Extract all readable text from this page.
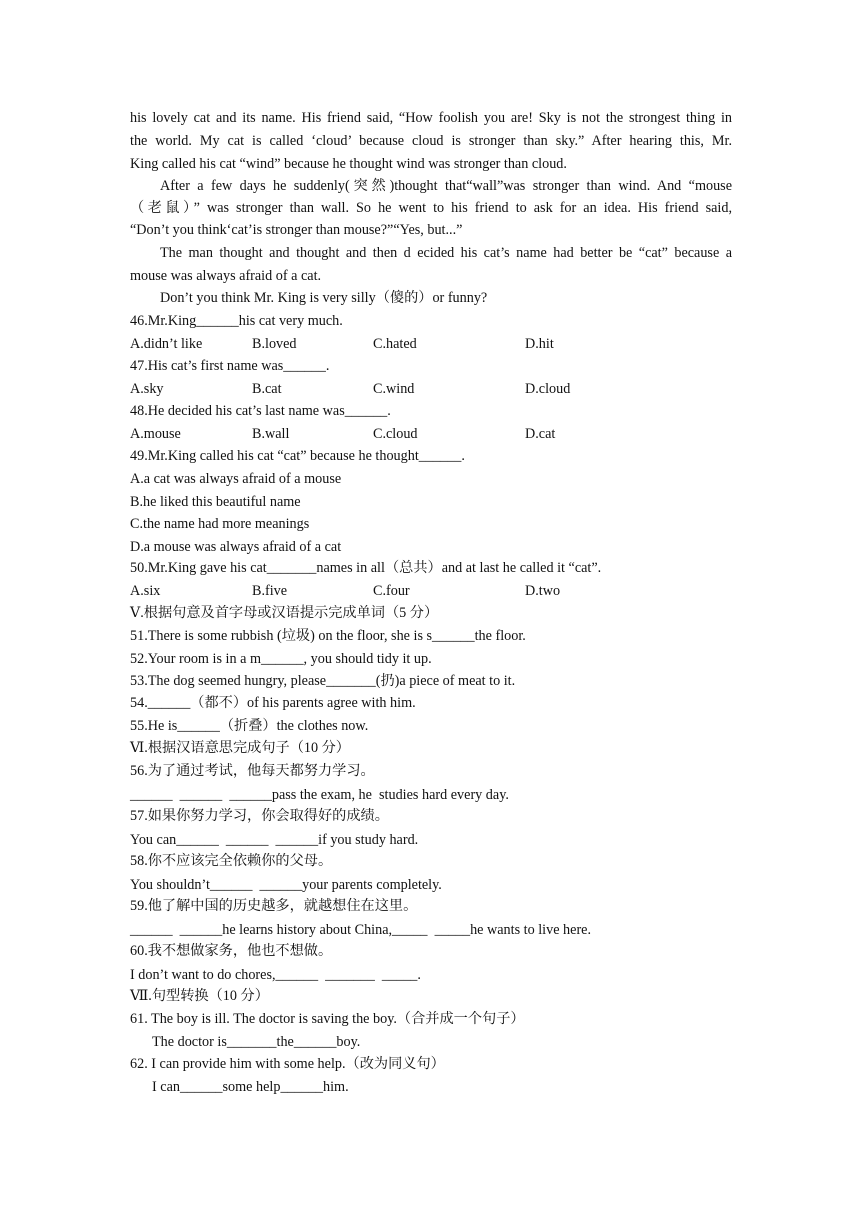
his lovely cat and its name. His friend said, “How foolish you are! Sky is not the strongest thing in
the world. My cat is called ‘cloud’ because cloud is stronger than sky.” After hearing this, Mr.
King called his cat “wind” because he thought wind was stronger than cloud.
After a few days he suddenly(突然)thought that“wall”was stronger than wind. And “mouse
（老鼠）” was stronger than wall. So he went to his friend to ask for an idea. His friend said,
“Don’t you think‘cat’is stronger than mouse?”“Yes, but...”
The man thought and thought and then d ecided his cat’s name had better be “cat” because a
mouse was always afraid of a cat.
Don’t you think Mr. King is very silly（傻的）or funny?
46.Mr.King______his cat very much.
A.didn’t like	B.loved	C.hated	D.hit
47.His cat’s first name was______.
A.sky	B.cat	C.wind	D.cloud
48.He decided his cat’s last name was______.
A.mouse	B.wall	C.cloud	D.cat
49.Mr.King called his cat “cat” because he thought______.
A.a cat was always afraid of a mouse
B.he liked this beautiful name
C.the name had more meanings
D.a mouse was always afraid of a cat
50.Mr.King gave his cat_______names in all（总共）and at last he called it “cat”.
A.six	B.five	C.four	D.two
Ⅴ.根据句意及首字母或汉语提示完成单词（5 分）
51.There is some rubbish (垃圾) on the floor, she is s______the floor.
52.Your room is in a m______, you should tidy it up.
53.The dog seemed hungry, please_______(扔)a piece of meat to it.
54.______（都不）of his parents agree with him.
55.He is______（折叠）the clothes now.
Ⅵ.根据汉语意思完成句子（10 分）
56.为了通过考试，他每天都努力学习。
______  ______  ______pass the exam, he  studies hard every day.
57.如果你努力学习，你会取得好的成绩。
You can______  ______  ______if you study hard.
58.你不应该完全依赖你的父母。
You shouldn’t______  ______your parents completely.
59.他了解中国的历史越多，就越想住在这里。
______  ______he learns history about China,_____  _____he wants to live here.
60.我不想做家务，他也不想做。
I don’t want to do chores,______  _______  _____.
Ⅶ.句型转换（10 分）
61. The boy is ill. The doctor is saving the boy.（合并成一个句子）
The doctor is_______the______boy.
62. I can provide him with some help.（改为同义句）
I can______some help______him.
